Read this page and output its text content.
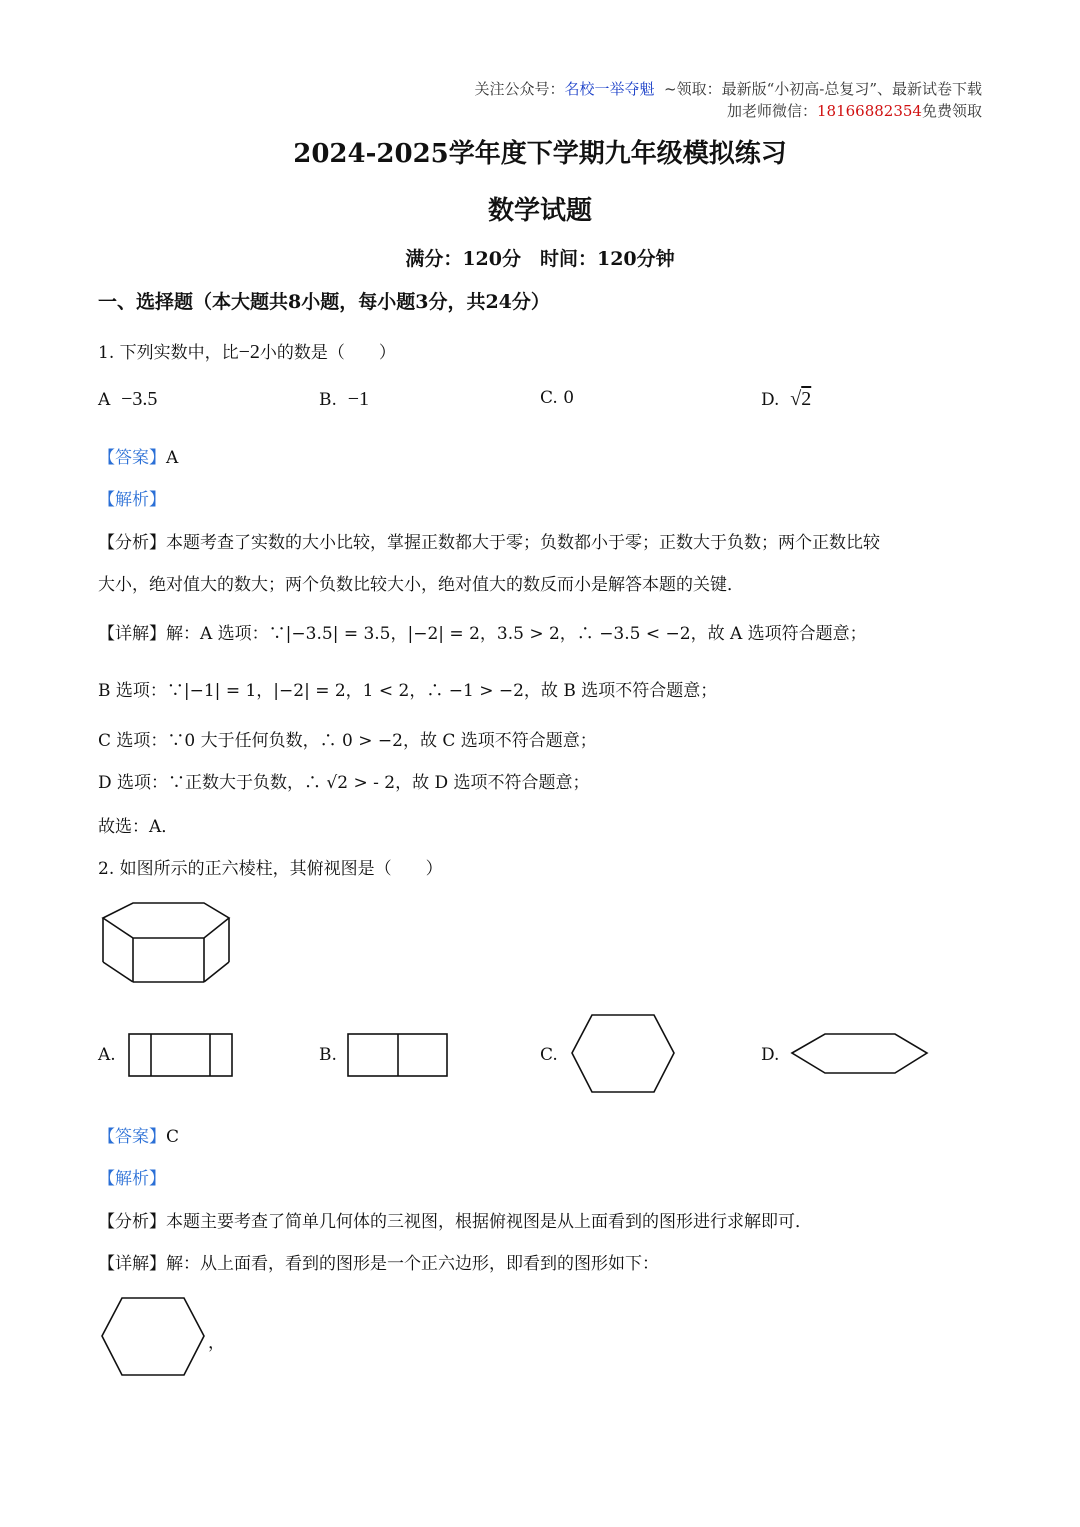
关注公众号：名校一举夺魁 ~领取：最新版“小初高-总复习”、最新试卷下载
加老师微信：18166882354免费领取
2024-2025学年度下学期九年级模拟练习
数学试题
满分：120分　时间：120分钟
一、选择题（本大题共8小题，每小题3分，共24分）
1. 下列实数中，比−2小的数是（　　）
A −3.5	B. −1	C. 0	D. √2
【答案】A
【解析】
【分析】本题考查了实数的大小比较，掌握正数都大于零；负数都小于零；正数大于负数；两个正数比较
大小，绝对值大的数大；两个负数比较大小，绝对值大的数反而小是解答本题的关键．
【详解】解：A 选项：∵|−3.5| = 3.5，|−2| = 2，3.5 > 2，∴ −3.5 < −2，故 A 选项符合题意；
B 选项：∵|−1| = 1，|−2| = 2，1 < 2，∴ −1 > −2，故 B 选项不符合题意；
C 选项：∵0 大于任何负数，∴ 0 > −2，故 C 选项不符合题意；
D 选项：∵正数大于负数，∴ √2 > - 2，故 D 选项不符合题意；
故选：A．
2. 如图所示的正六棱柱，其俯视图是（　　）
A.	B.	C.	D.
【答案】C
【解析】
【分析】本题主要考查了简单几何体的三视图，根据俯视图是从上面看到的图形进行求解即可．
【详解】解：从上面看，看到的图形是一个正六边形，即看到的图形如下：
，
